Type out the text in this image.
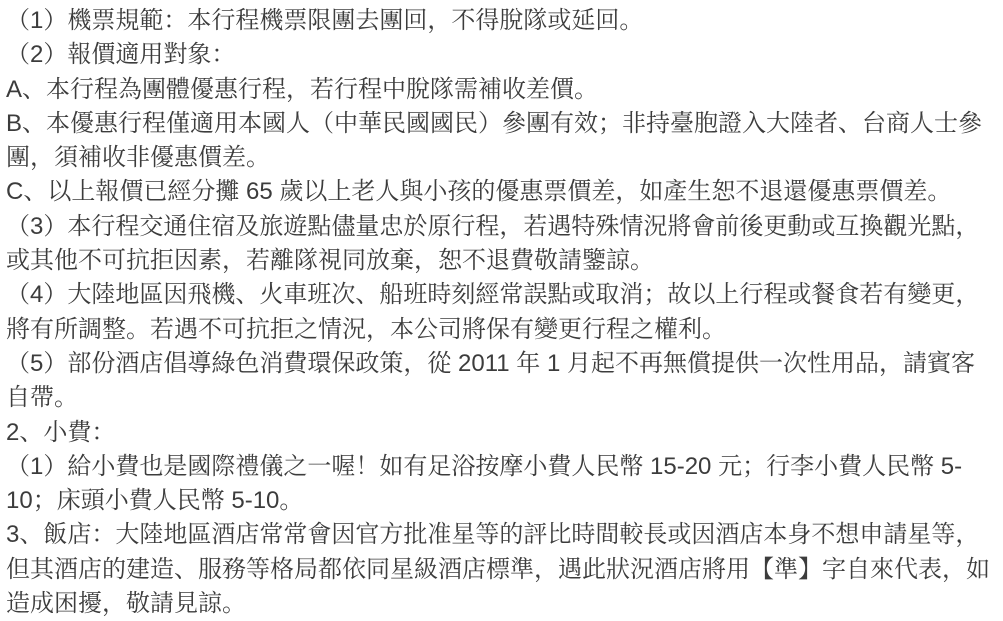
（1）機票規範：本行程機票限團去團回，不得脫隊或延回。

（2）報價適用對象：

A、本行程為團體優惠行程，若行程中脫隊需補收差價。

B、本優惠行程僅適用本國人（中華民國國民）參團有效；非持臺胞證入大陸者、台商人士參團，須補收非優惠價差。

C、以上報價已經分攤 65 歲以上老人與小孩的優惠票價差，如產生恕不退還優惠票價差。

（3）本行程交通住宿及旅遊點儘量忠於原行程，若遇特殊情況將會前後更動或互換觀光點，或其他不可抗拒因素，若離隊視同放棄，恕不退費敬請鑒諒。

（4）大陸地區因飛機、火車班次、船班時刻經常誤點或取消；故以上行程或餐食若有變更，將有所調整。若遇不可抗拒之情況，本公司將保有變更行程之權利。

（5）部份酒店倡導綠色消費環保政策，從 2011 年 1 月起不再無償提供一次性用品，請賓客自帶。

2、小費：

（1）給小費也是國際禮儀之一喔！如有足浴按摩小費人民幣 15-20 元；行李小費人民幣 5-10；床頭小費人民幣 5-10。

3、飯店：大陸地區酒店常常會因官方批准星等的評比時間較長或因酒店本身不想申請星等，但其酒店的建造、服務等格局都依同星級酒店標準，遇此狀況酒店將用【準】字自來代表，如造成困擾，敬請見諒。
